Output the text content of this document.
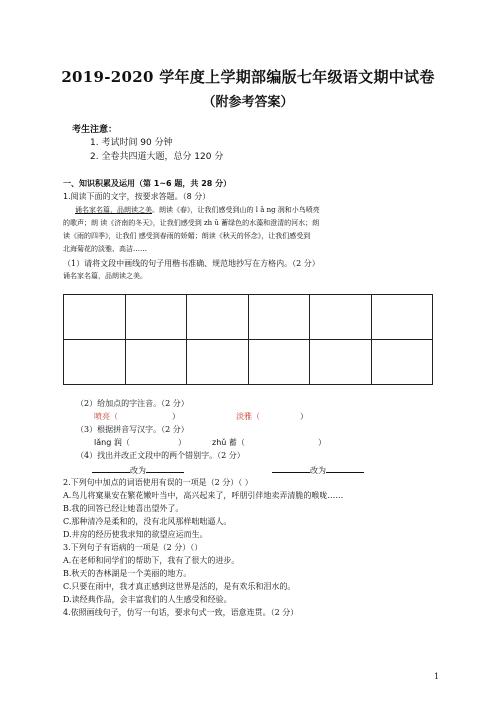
2019-2020 学年度上学期部编版七年级语文期中试卷
（附参考答案）
考生注意：
1. 考试时间 90 分钟
2. 全卷共四道大题，总分 120 分
一、知识积累及运用（第 1~6 题，共 28 分）
1.阅读下面的文字，按要求答题。（8 分）
诵名家名篇，品朗读之美。朗读《春》，让我们感受到山的 l ǎ ng 润和小鸟喷亮
的歌声；朗 读《济南的冬天》，让我们感受到 zh ǔ 蓄绿色的水藻和澄清的河水；朗
读《雨的四季》，让我们 感受到春雨的娇媚；朗读《秋天的怀念》，让我们感受到
北海菊花的淡雅、高洁……
（1）请将文段中画线的句子用楷书准确、规范地抄写在方格内。（2 分）
诵名家名篇，品朗读之美。

（2）给加点的字注音。（2 分）
喷亮（	）	淡雅（	）
（3）根据拼音写汉字。（2 分）
lǎng 润（	）	zhǔ 蓄（	）
（4）找出并改正文段中的两个错别字。（2 分）
改为	改为
2.下列句中加点的词语使用有误的一项是（2 分）（ ）
A.鸟儿将窠巢安在繁花嫩叶当中，高兴起来了，呼朋引伴地卖弄清脆的喉咙……
B.我的回答已经让她喜出望外了。
C.那种清冷是柔和的，没有北风那样咄咄逼人。
D.井房的经历使我求知的欲望应运而生。
3.下列句子有语病的一项是（2 分）（）
A.在老师和同学们的帮助下，我有了很大的进步。
B.秋天的杏林湖是一个美丽的地方。
C.只要在雨中，我才真正感到这世界是活的，是有欢乐和泪水的。
D.读经典作品，会丰富我们的人生感受和经验。
4.依照画线句子，仿写一句话，要求句式一致，语意连贯。（2 分）
1
